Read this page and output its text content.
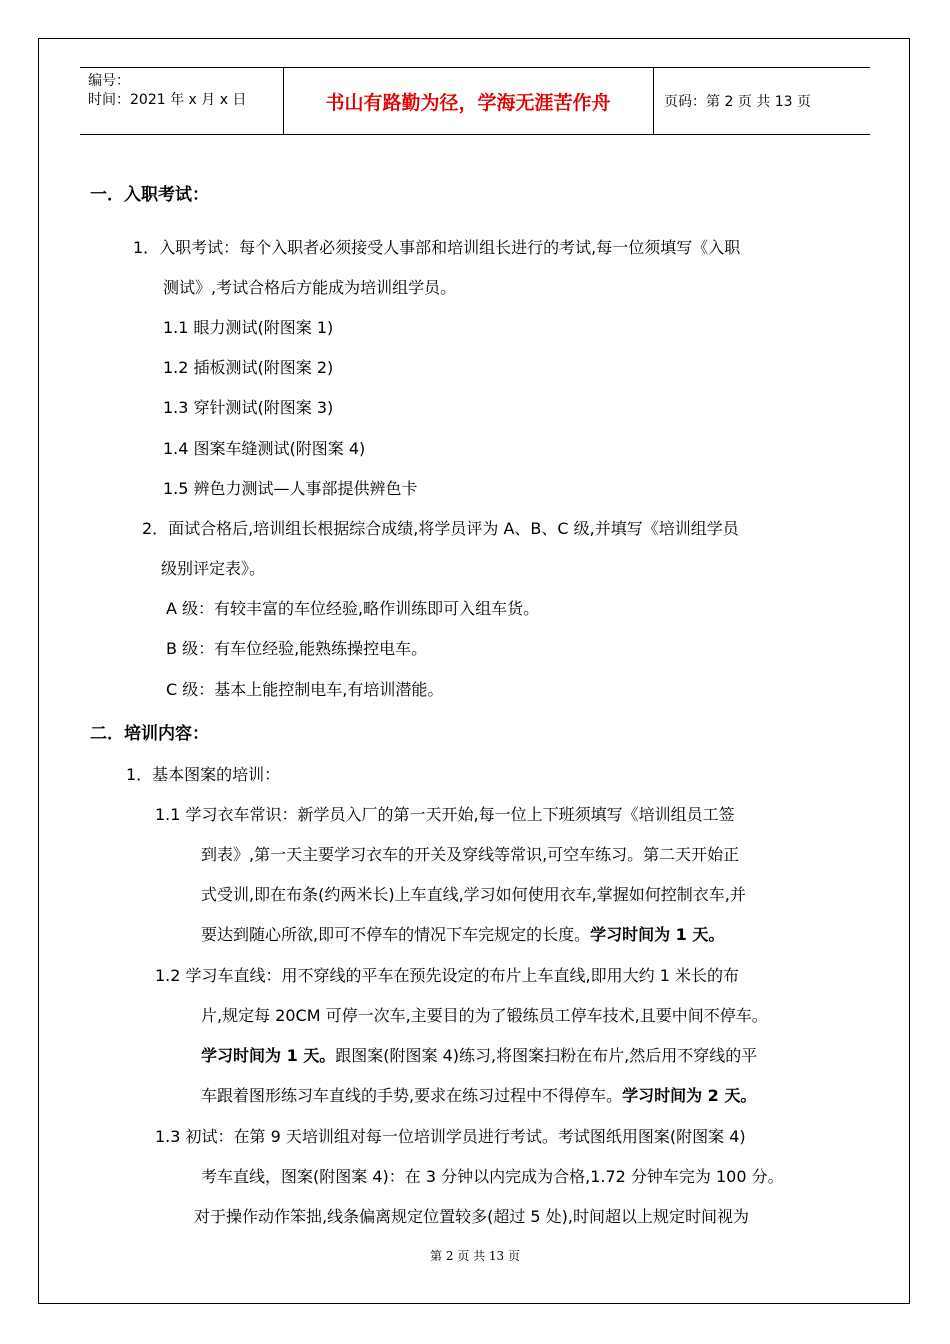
编号：
时间：2021 年 x 月 x 日	书山有路勤为径，学海无涯苦作舟	页码：第 2 页 共 13 页
一．入职考试：
1．入职考试：每个入职者必须接受人事部和培训组长进行的考试,每一位须填写《入职
测试》,考试合格后方能成为培训组学员。
1.1 眼力测试(附图案 1)
1.2 插板测试(附图案 2)
1.3 穿针测试(附图案 3)
1.4 图案车缝测试(附图案 4)
1.5 辨色力测试—人事部提供辨色卡
2．面试合格后,培训组长根据综合成绩,将学员评为 A、B、C 级,并填写《培训组学员
级别评定表》。
A 级：有较丰富的车位经验,略作训练即可入组车货。
B 级：有车位经验,能熟练操控电车。
C 级：基本上能控制电车,有培训潜能。
二．培训内容：
1．基本图案的培训：
1.1 学习衣车常识：新学员入厂的第一天开始,每一位上下班须填写《培训组员工签
到表》,第一天主要学习衣车的开关及穿线等常识,可空车练习。第二天开始正
式受训,即在布条(约两米长)上车直线,学习如何使用衣车,掌握如何控制衣车,并
要达到随心所欲,即可不停车的情况下车完规定的长度。学习时间为 1 天。
1.2 学习车直线：用不穿线的平车在预先设定的布片上车直线,即用大约 1 米长的布
片,规定每 20CM 可停一次车,主要目的为了锻练员工停车技术,且要中间不停车。
学习时间为 1 天。跟图案(附图案 4)练习,将图案扫粉在布片,然后用不穿线的平
车跟着图形练习车直线的手势,要求在练习过程中不得停车。学习时间为 2 天。
1.3 初试：在第 9 天培训组对每一位培训学员进行考试。考试图纸用图案(附图案 4)
考车直线，图案(附图案 4)：在 3 分钟以内完成为合格,1.72 分钟车完为 100 分。
对于操作动作笨拙,线条偏离规定位置较多(超过 5 处),时间超以上规定时间视为
第 2 页 共 13 页
